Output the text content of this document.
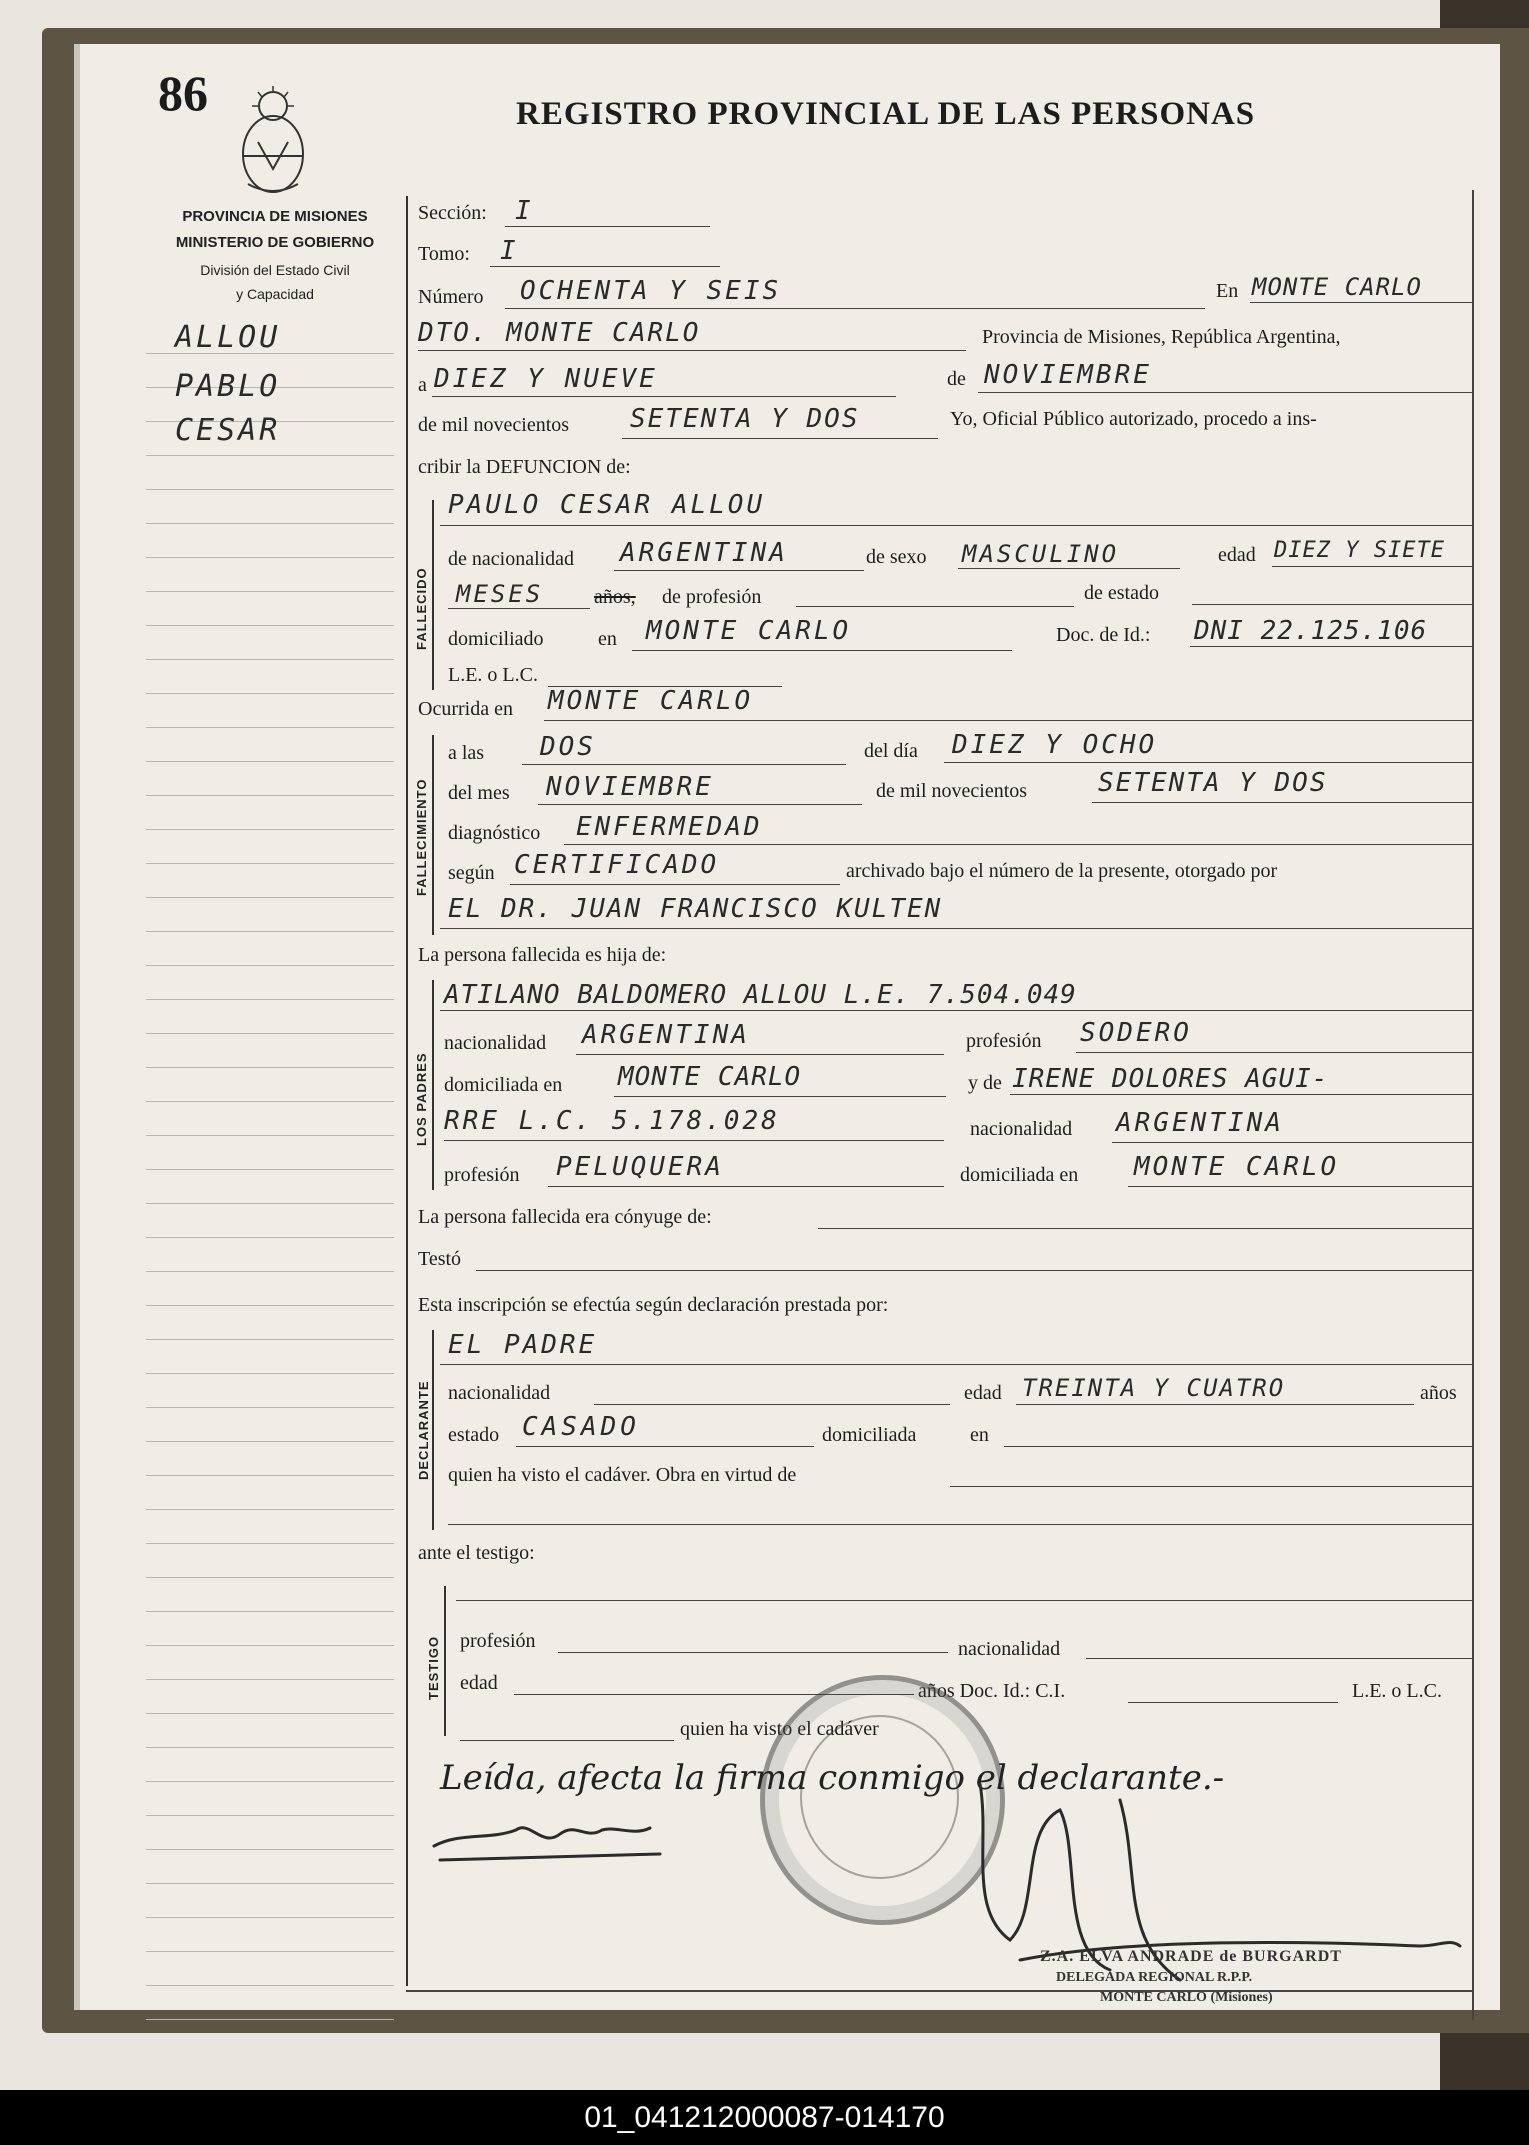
86	REGISTRO PROVINCIAL DE LAS PERSONAS
PROVINCIA DE MISIONES
MINISTERIO DE GOBIERNO
División del Estado Civil
y Capacidad
ALLOU
PABLO
CESAR
Sección: I
Tomo: I
Número OCHENTA Y SEIS	En MONTE CARLO
DTO. MONTE CARLO	Provincia de Misiones, República Argentina,
a DIEZ Y NUEVE	de NOVIEMBRE
de mil novecientos SETENTA Y DOS	Yo, Oficial Público autorizado, procedo a ins-
cribir la DEFUNCION de:
FALLECIDO
PAULO CESAR ALLOU
de nacionalidad ARGENTINA	de sexo MASCULINO	edad DIEZ Y SIETE
MESES	años, de profesión	de estado
domiciliado	en MONTE CARLO	Doc. de Id.: DNI 22.125.106
L.E. o L.C.
Ocurrida en MONTE CARLO
FALLECIMIENTO
a las DOS	del día DIEZ Y OCHO
del mes NOVIEMBRE	de mil novecientos	SETENTA Y DOS
diagnóstico ENFERMEDAD
según CERTIFICADO	archivado bajo el número de la presente, otorgado por
EL DR. JUAN FRANCISCO KULTEN
La persona fallecida es hija de:
LOS PADRES
ATILANO BALDOMERO ALLOU L.E. 7.504.049
nacionalidad ARGENTINA	profesión SODERO
domiciliada en MONTE CARLO	y de IRENE DOLORES AGUI-
RRE L.C. 5.178.028	nacionalidad ARGENTINA
profesión PELUQUERA	domiciliada en MONTE CARLO
La persona fallecida era cónyuge de:
Testó
Esta inscripción se efectúa según declaración prestada por:
DECLARANTE
EL PADRE
nacionalidad	edad TREINTA Y CUATRO	años
estado CASADO	domiciliada	en
quien ha visto el cadáver. Obra en virtud de
ante el testigo:
TESTIGO profesión	nacionalidad
edad	años Doc. Id.: C.I.	L.E. o L.C.
quien ha visto el cadáver
Leída, afecta la firma conmigo el declarante.-
Z.A. ELVA ANDRADE de BURGARDT
DELEGADA REGIONAL R.P.P.
MONTE CARLO (Misiones)
01_041212000087-014170
